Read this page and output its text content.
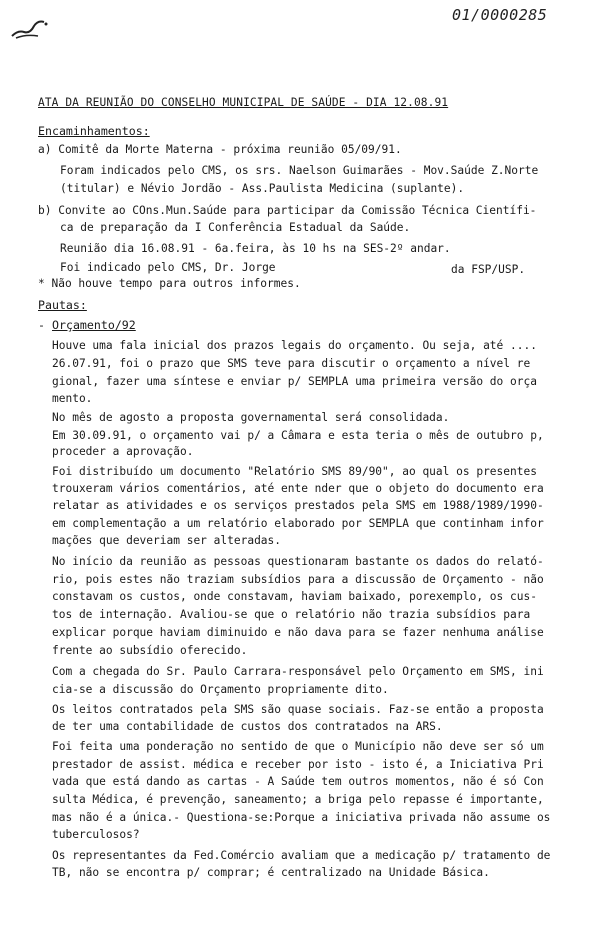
01/0000285
ATA DA REUNIÃO DO CONSELHO MUNICIPAL DE SAÚDE - DIA 12.08.91
Encaminhamentos:
a) Comitê da Morte Materna - próxima reunião 05/09/91.
Foram indicados pelo CMS, os srs. Naelson Guimarães - Mov.Saúde Z.Norte
(titular) e Névio Jordão - Ass.Paulista Medicina (suplante).
b) Convite ao COns.Mun.Saúde para participar da Comissão Técnica Científi-
ca de preparação da I Conferência Estadual da Saúde.
Reunião dia 16.08.91 - 6a.feira, às 10 hs na SES-2º andar.
Foi indicado pelo CMS, Dr. Jorge	da FSP/USP.
* Não houve tempo para outros informes.
Pautas:
- Orçamento/92
Houve uma fala inicial dos prazos legais do orçamento. Ou seja, até ....
26.07.91, foi o prazo que SMS teve para discutir o orçamento a nível re
gional, fazer uma síntese e enviar p/ SEMPLA uma primeira versão do orça
mento.
No mês de agosto a proposta governamental será consolidada.
Em 30.09.91, o orçamento vai p/ a Câmara e esta teria o mês de outubro p,
proceder a aprovação.
Foi distribuído um documento "Relatório SMS 89/90", ao qual os presentes
trouxeram vários comentários, até ente nder que o objeto do documento era
relatar as atividades e os serviços prestados pela SMS em 1988/1989/1990-
em complementação a um relatório elaborado por SEMPLA que continham infor
mações que deveriam ser alteradas.
No início da reunião as pessoas questionaram bastante os dados do relató-
rio, pois estes não traziam subsídios para a discussão de Orçamento - não
constavam os custos, onde constavam, haviam baixado, porexemplo, os cus-
tos de internação. Avaliou-se que o relatório não trazia subsídios para
explicar porque haviam diminuido e não dava para se fazer nenhuma análise
frente ao subsídio oferecido.
Com a chegada do Sr. Paulo Carrara-responsável pelo Orçamento em SMS, ini
cia-se a discussão do Orçamento propriamente dito.
Os leitos contratados pela SMS são quase sociais. Faz-se então a proposta
de ter uma contabilidade de custos dos contratados na ARS.
Foi feita uma ponderação no sentido de que o Município não deve ser só um
prestador de assist. médica e receber por isto - isto é, a Iniciativa Pri
vada que está dando as cartas - A Saúde tem outros momentos, não é só Con
sulta Médica, é prevenção, saneamento; a briga pelo repasse é importante,
mas não é a única.- Questiona-se:Porque a iniciativa privada não assume os
tuberculosos?
Os representantes da Fed.Comércio avaliam que a medicação p/ tratamento de
TB, não se encontra p/ comprar; é centralizado na Unidade Básica.
